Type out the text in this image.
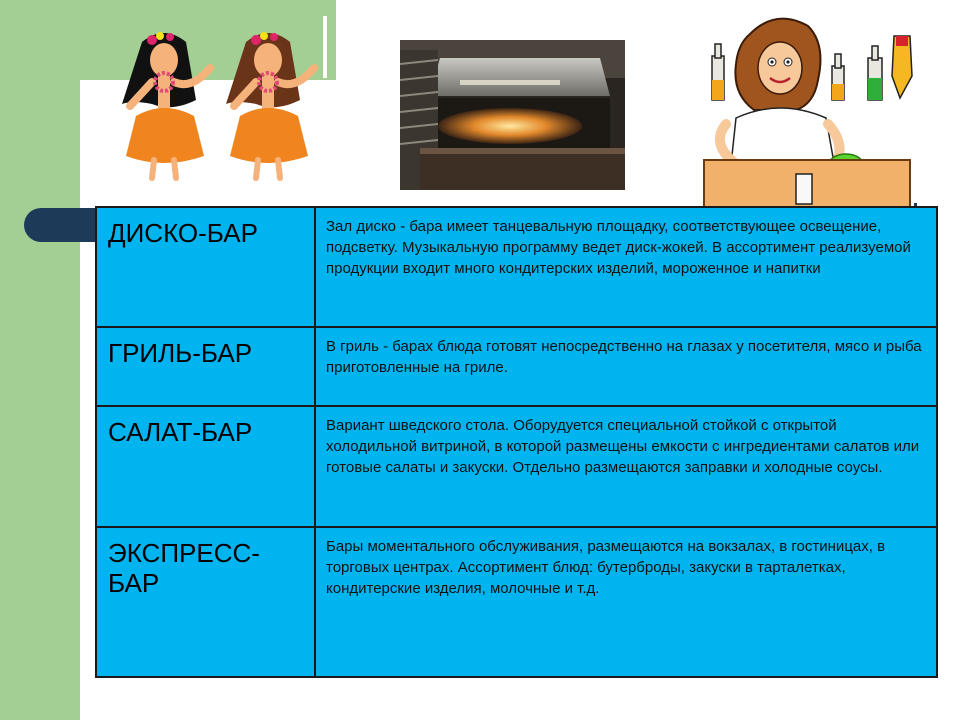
ДИСКО-БАР	Зал диско - бара имеет танцевальную площадку, соответствующее освещение, подсветку. Музыкальную программу ведет диск-жокей. В ассортимент реализуемой продукции входит много кондитерских изделий, мороженное и напитки

ГРИЛЬ-БАР	В гриль - барах блюда готовят непосредственно на глазах у посетителя, мясо и рыба приготовленные на гриле.

САЛАТ-БАР	Вариант шведского стола. Оборудуется специальной стойкой с открытой холодильной витриной, в которой размещены емкости с ингредиентами салатов или готовые салаты и закуски. Отдельно размещаются заправки и холодные соусы.

ЭКСПРЕСС-
БАР	Бары моментального обслуживания, размещаются на вокзалах, в гостиницах, в торговых центрах. Ассортимент блюд: бутерброды, закуски в тарталетках, кондитерские изделия, молочные и т.д.
